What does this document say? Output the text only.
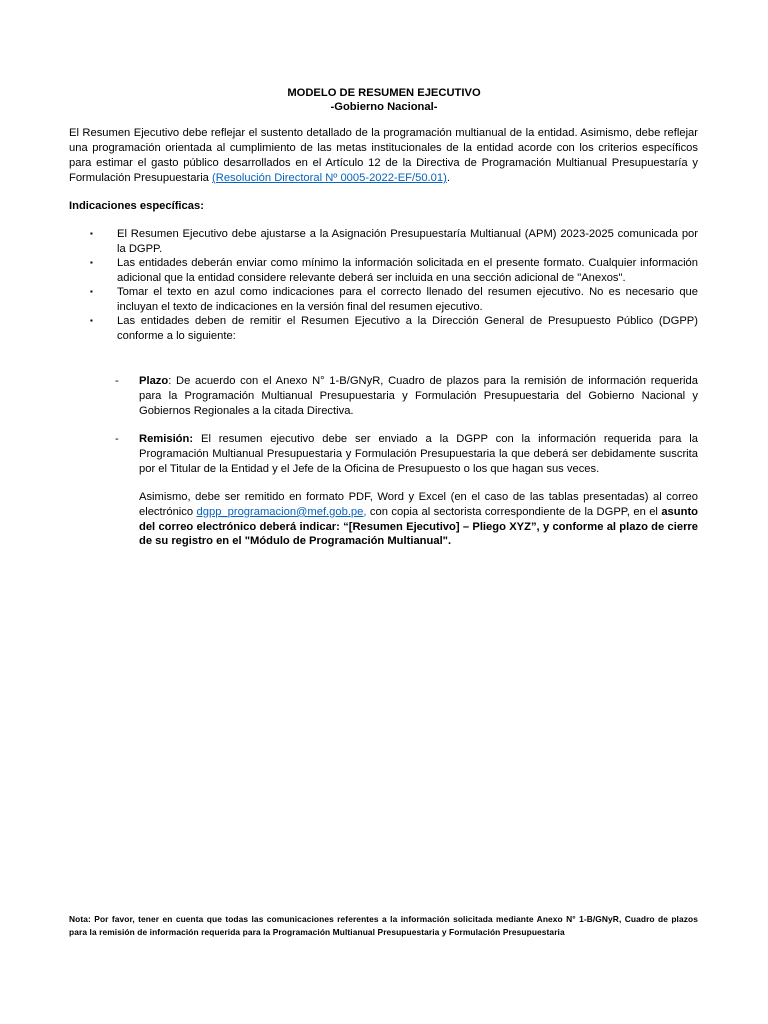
MODELO DE RESUMEN EJECUTIVO
-Gobierno Nacional-
El Resumen Ejecutivo debe reflejar el sustento detallado de la programación multianual de la entidad. Asimismo, debe reflejar una programación orientada al cumplimiento de las metas institucionales de la entidad acorde con los criterios específicos para estimar el gasto público desarrollados en el Artículo 12 de la Directiva de Programación Multianual Presupuestaría y Formulación Presupuestaria (Resolución Directoral Nº 0005-2022-EF/50.01).
Indicaciones específicas:
▪ El Resumen Ejecutivo debe ajustarse a la Asignación Presupuestaría Multianual (APM) 2023-2025 comunicada por la DGPP.
▪ Las entidades deberán enviar como mínimo la información solicitada en el presente formato. Cualquier información adicional que la entidad considere relevante deberá ser incluida en una sección adicional de "Anexos".
▪ Tomar el texto en azul como indicaciones para el correcto llenado del resumen ejecutivo. No es necesario que incluyan el texto de indicaciones en la versión final del resumen ejecutivo.
▪ Las entidades deben de remitir el Resumen Ejecutivo a la Dirección General de Presupuesto Público (DGPP) conforme a lo siguiente:
- Plazo: De acuerdo con el Anexo N° 1-B/GNyR, Cuadro de plazos para la remisión de información requerida para la Programación Multianual Presupuestaria y Formulación Presupuestaria del Gobierno Nacional y Gobiernos Regionales a la citada Directiva.
- Remisión: El resumen ejecutivo debe ser enviado a la DGPP con la información requerida para la Programación Multianual Presupuestaria y Formulación Presupuestaria la que deberá ser debidamente suscrita por el Titular de la Entidad y el Jefe de la Oficina de Presupuesto o los que hagan sus veces.
Asimismo, debe ser remitido en formato PDF, Word y Excel (en el caso de las tablas presentadas) al correo electrónico dgpp_programacion@mef.gob.pe, con copia al sectorista correspondiente de la DGPP, en el asunto del correo electrónico deberá indicar: “[Resumen Ejecutivo] – Pliego XYZ”, y conforme al plazo de cierre de su registro en el "Módulo de Programación Multianual".
Nota: Por favor, tener en cuenta que todas las comunicaciones referentes a la información solicitada mediante Anexo N° 1-B/GNyR, Cuadro de plazos para la remisión de información requerida para la Programación Multianual Presupuestaria y Formulación Presupuestaria
